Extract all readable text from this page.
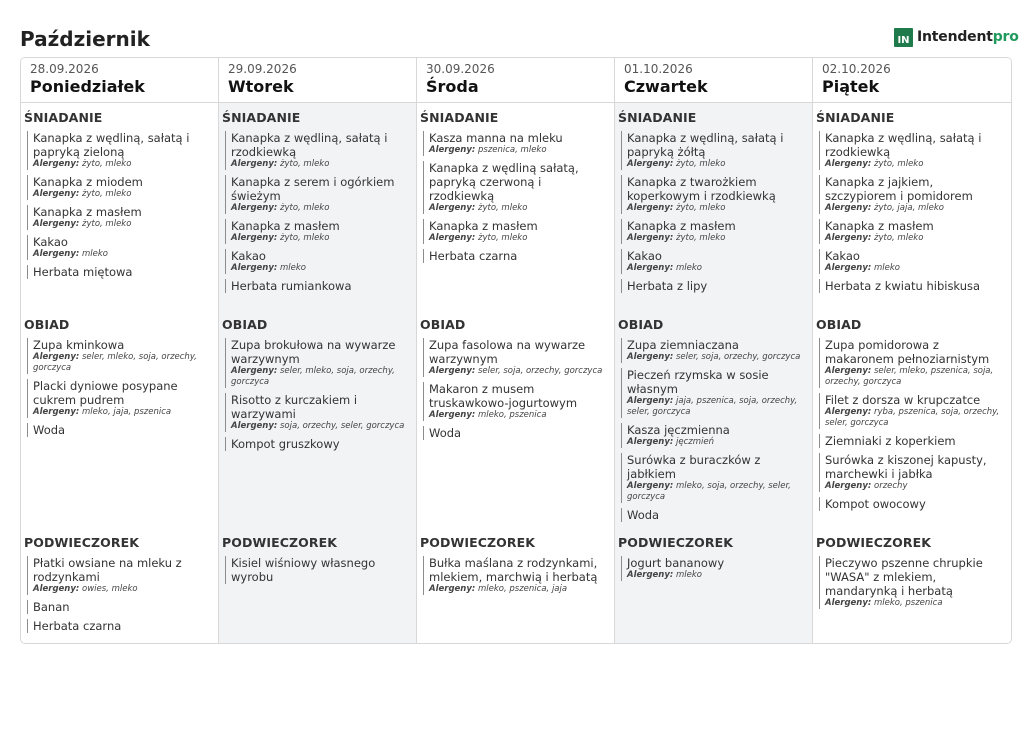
Październik	IN Intendentpro
28.09.2026
Poniedziałek
ŚNIADANIE
Kanapka z wędliną, sałatą i papryką zieloną
Alergeny: żyto, mleko
Kanapka z miodem
Alergeny: żyto, mleko
Kanapka z masłem
Alergeny: żyto, mleko
Kakao
Alergeny: mleko
Herbata miętowa
OBIAD
Zupa kminkowa
Alergeny: seler, mleko, soja, orzechy, gorczyca
Placki dyniowe posypane cukrem pudrem
Alergeny: mleko, jaja, pszenica
Woda
PODWIECZOREK
Płatki owsiane na mleku z rodzynkami
Alergeny: owies, mleko
Banan
Herbata czarna
29.09.2026
Wtorek
ŚNIADANIE
Kanapka z wędliną, sałatą i rzodkiewką
Alergeny: żyto, mleko
Kanapka z serem i ogórkiem świeżym
Alergeny: żyto, mleko
Kanapka z masłem
Alergeny: żyto, mleko
Kakao
Alergeny: mleko
Herbata rumiankowa
OBIAD
Zupa brokułowa na wywarze warzywnym
Alergeny: seler, mleko, soja, orzechy, gorczyca
Risotto z kurczakiem i warzywami
Alergeny: soja, orzechy, seler, gorczyca
Kompot gruszkowy
PODWIECZOREK
Kisiel wiśniowy własnego wyrobu
30.09.2026
Środa
ŚNIADANIE
Kasza manna na mleku
Alergeny: pszenica, mleko
Kanapka z wędliną sałatą, papryką czerwoną i rzodkiewką
Alergeny: żyto, mleko
Kanapka z masłem
Alergeny: żyto, mleko
Herbata czarna
OBIAD
Zupa fasolowa na wywarze warzywnym
Alergeny: seler, soja, orzechy, gorczyca
Makaron z musem truskawkowo-jogurtowym
Alergeny: mleko, pszenica
Woda
PODWIECZOREK
Bułka maślana z rodzynkami, mlekiem, marchwią i herbatą
Alergeny: mleko, pszenica, jaja
01.10.2026
Czwartek
ŚNIADANIE
Kanapka z wędliną, sałatą i papryką żółtą
Alergeny: żyto, mleko
Kanapka z twarożkiem koperkowym i rzodkiewką
Alergeny: żyto, mleko
Kanapka z masłem
Alergeny: żyto, mleko
Kakao
Alergeny: mleko
Herbata z lipy
OBIAD
Zupa ziemniaczana
Alergeny: seler, soja, orzechy, gorczyca
Pieczeń rzymska w sosie własnym
Alergeny: jaja, pszenica, soja, orzechy, seler, gorczyca
Kasza jęczmienna
Alergeny: jęczmień
Surówka z buraczków z jabłkiem
Alergeny: mleko, soja, orzechy, seler, gorczyca
Woda
PODWIECZOREK
Jogurt bananowy
Alergeny: mleko
02.10.2026
Piątek
ŚNIADANIE
Kanapka z wędliną, sałatą i rzodkiewką
Alergeny: żyto, mleko
Kanapka z jajkiem, szczypiorem i pomidorem
Alergeny: żyto, jaja, mleko
Kanapka z masłem
Alergeny: żyto, mleko
Kakao
Alergeny: mleko
Herbata z kwiatu hibiskusa
OBIAD
Zupa pomidorowa z makaronem pełnoziarnistym
Alergeny: seler, mleko, pszenica, soja, orzechy, gorczyca
Filet z dorsza w krupczatce
Alergeny: ryba, pszenica, soja, orzechy, seler, gorczyca
Ziemniaki z koperkiem
Surówka z kiszonej kapusty, marchewki i jabłka
Alergeny: orzechy
Kompot owocowy
PODWIECZOREK
Pieczywo pszenne chrupkie "WASA" z mlekiem, mandarynką i herbatą
Alergeny: mleko, pszenica
